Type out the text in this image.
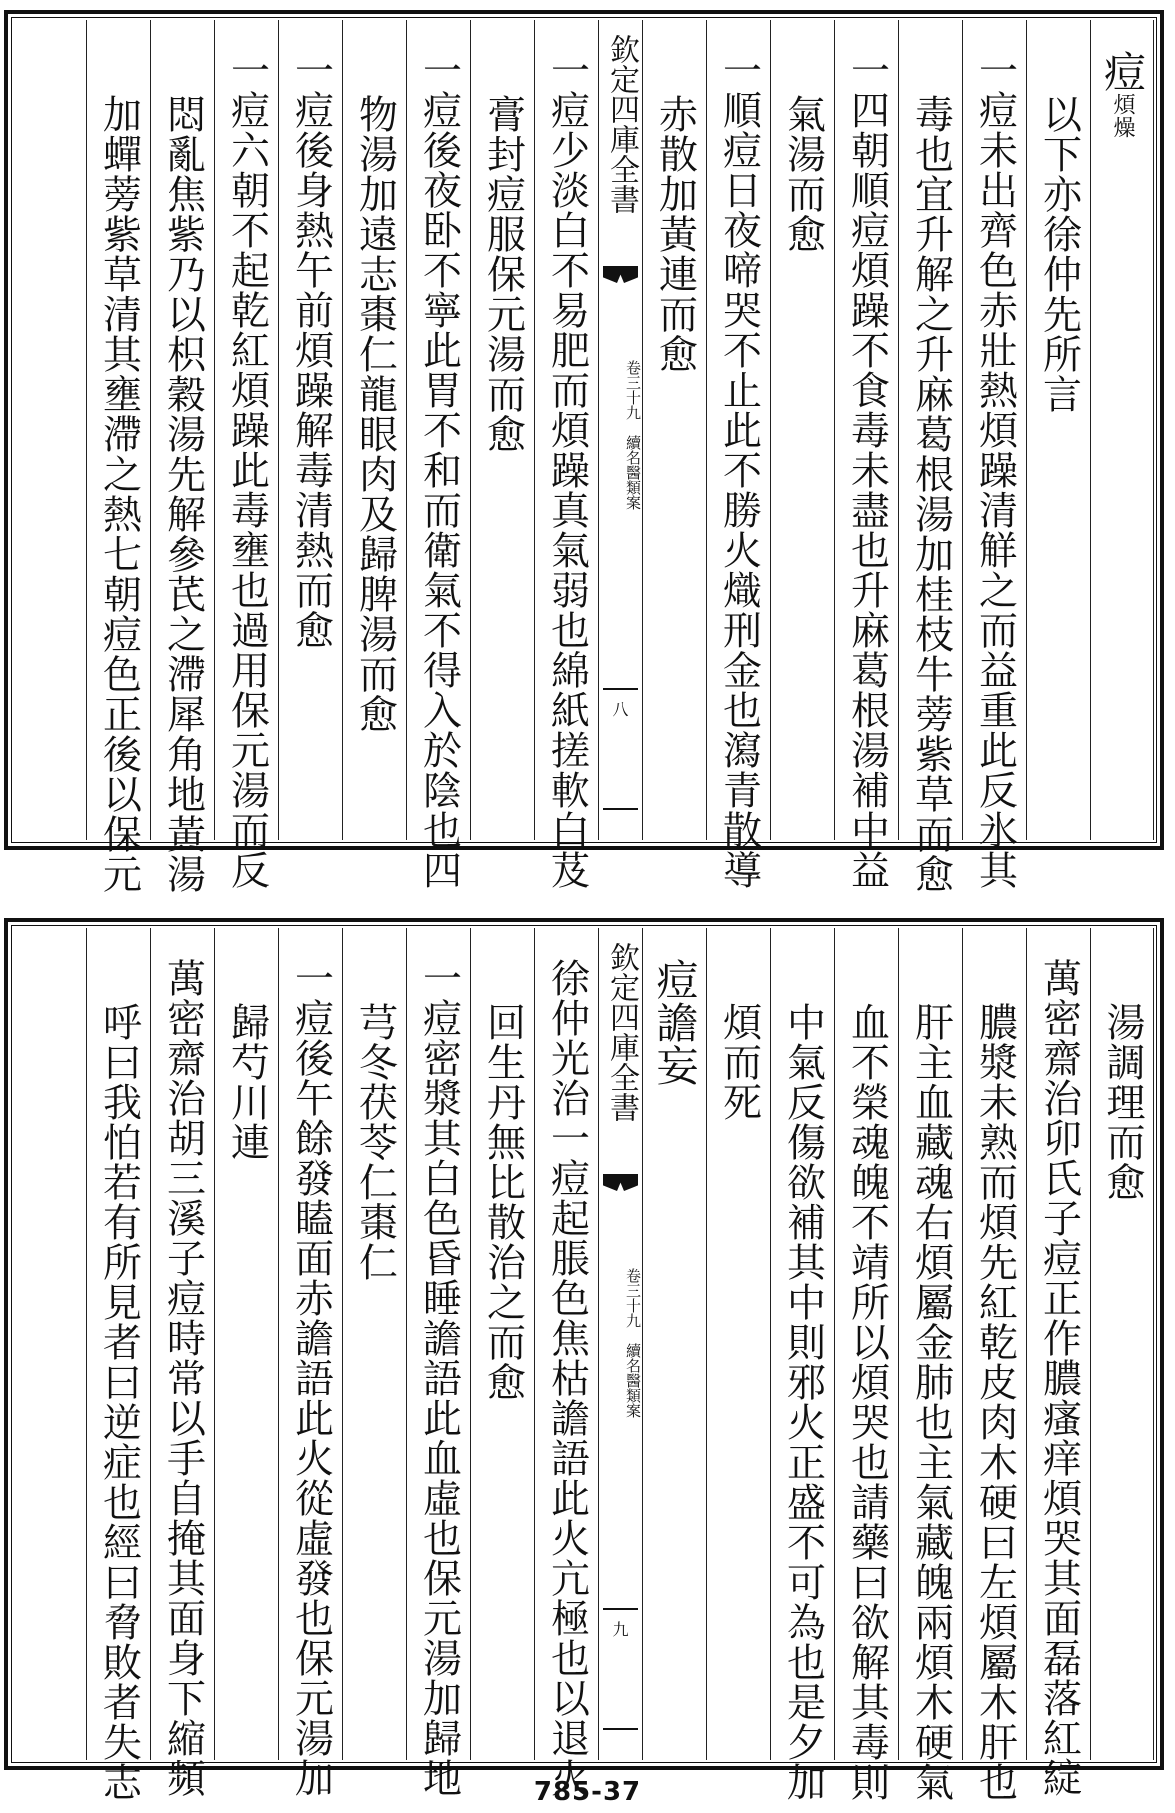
痘煩燥
以下亦徐仲先所言
一痘未出齊色赤壯熱煩躁清觧之而益重此反氷其
毒也宜升解之升麻葛根湯加桂枝牛蒡紫草而愈
一四朝順痘煩躁不食毒未盡也升麻葛根湯補中益
氣湯而愈
一順痘日夜啼哭不止此不勝火熾刑金也瀉青散導
赤散加黃連而愈
欽定四庫全書
卷三十九　續名醫類案
八
一痘少淡白不易肥而煩躁真氣弱也綿紙搓軟白芨
膏封痘服保元湯而愈
一痘後夜卧不寧此胃不和而衛氣不得入於陰也四
物湯加遠志棗仁龍眼肉及歸脾湯而愈
一痘後身熱午前煩躁解毒清熱而愈
一痘六朝不起乾紅煩躁此毒壅也過用保元湯而反
悶亂焦紫乃以枳穀湯先解參芪之滯犀角地黃湯
加蟬蒡紫草清其壅滯之熱七朝痘色正後以保元
湯調理而愈
萬密齋治卯氏子痘正作膿瘙痒煩哭其面磊落紅綻
膿漿未熟而煩先紅乾皮肉木硬曰左煩屬木肝也
肝主血藏魂右煩屬金肺也主氣藏魄兩煩木硬氣
血不榮魂魄不靖所以煩哭也請藥曰欲解其毒則
中氣反傷欲補其中則邪火正盛不可為也是夕加
煩而死
痘譫妄
欽定四庫全書
卷三十九　續名醫類案
九
徐仲光治一痘起脹色焦枯譫語此火亢極也以退火
回生丹無比散治之而愈
一痘密漿其白色昏睡譫語此血虛也保元湯加歸地
芎冬茯苓仁棗仁
一痘後午餘發瞌面赤譫語此火從虛發也保元湯加
歸芍川連
萬密齋治胡三溪子痘時常以手自掩其面身下縮頻
呼曰我怕若有所見者曰逆症也經曰脅敗者失志	785-37
